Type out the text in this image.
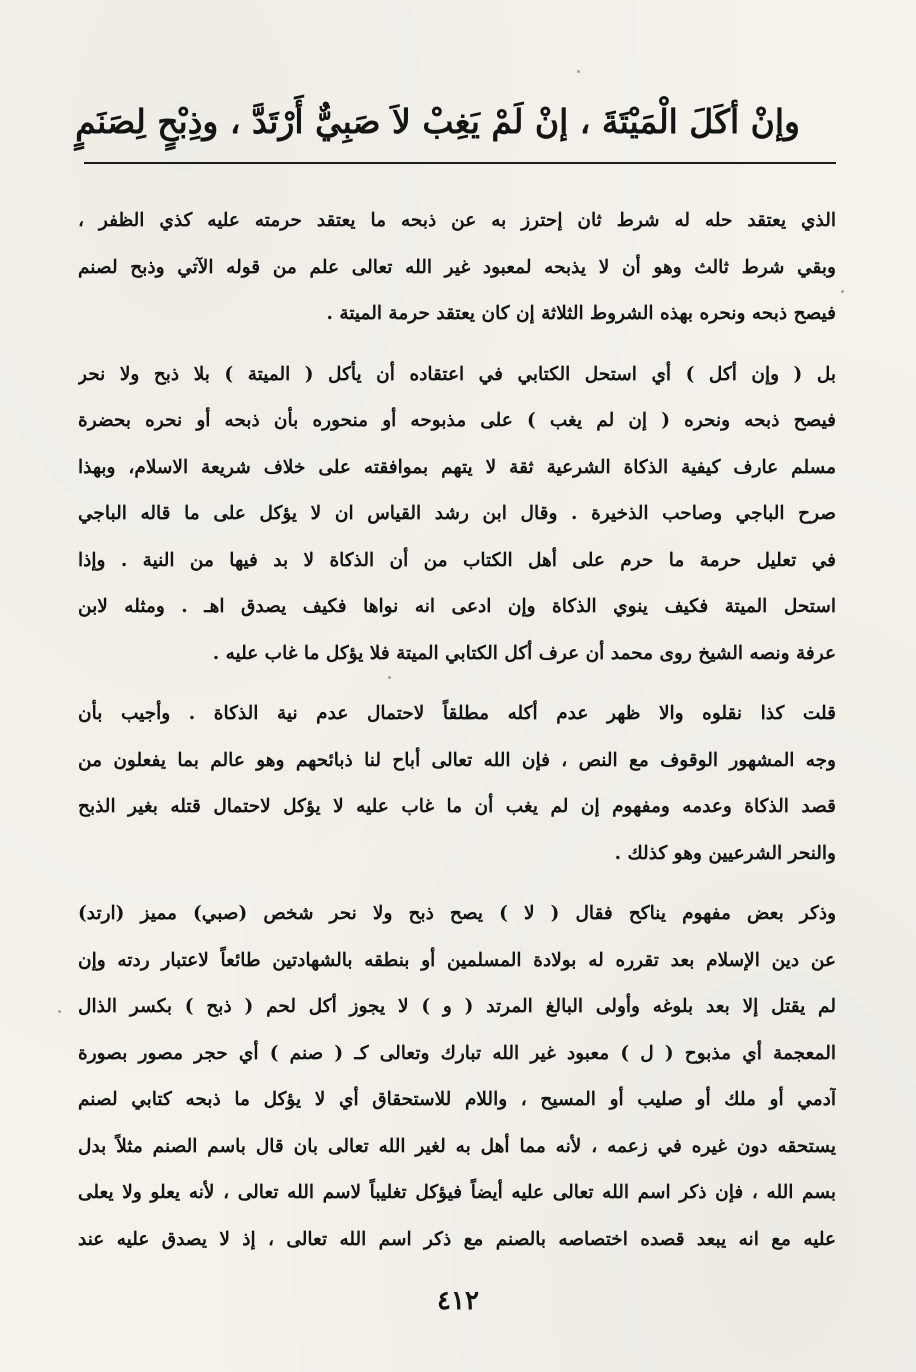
وإنْ أكَلَ الْمَيْتَةَ ، إنْ لَمْ يَغِبْ لاَ صَبِيٌّ أَرْتَدَّ ، وذِبْحٍ لِصَنَمٍ
الذي يعتقد حله له شرط ثان إحترز به عن ذبحه ما يعتقد حرمته عليه كذي الظفر ،
وبقي شرط ثالث وهو أن لا يذبحه لمعبود غير الله تعالى علم من قوله الآتي وذبح لصنم
فيصح ذبحه ونحره بهذه الشروط الثلاثة إن كان يعتقد حرمة الميتة .
بل ( وإن أكل ) أي استحل الكتابي في اعتقاده أن يأكل ( الميتة ) بلا ذبح ولا نحر
فيصح ذبحه ونحره ( إن لم يغب ) على مذبوحه أو منحوره بأن ذبحه أو نحره بحضرة
مسلم عارف كيفية الذكاة الشرعية ثقة لا يتهم بموافقته على خلاف شريعة الاسلام، وبهذا
صرح الباجي وصاحب الذخيرة . وقال ابن رشد القياس ان لا يؤكل على ما قاله الباجي
في تعليل حرمة ما حرم على أهل الكتاب من أن الذكاة لا بد فيها من النية . وإذا
استحل الميتة فكيف ينوي الذكاة وإن ادعى انه نواها فكيف يصدق اهـ . ومثله لابن
عرفة ونصه الشيخ روى محمد أن عرف أكل الكتابي الميتة فلا يؤكل ما غاب عليه .
قلت كذا نقلوه والا ظهر عدم أكله مطلقاً لاحتمال عدم نية الذكاة . وأجيب بأن
وجه المشهور الوقوف مع النص ، فإن الله تعالى أباح لنا ذبائحهم وهو عالم بما يفعلون من
قصد الذكاة وعدمه ومفهوم إن لم يغب أن ما غاب عليه لا يؤكل لاحتمال قتله بغير الذبح
والنحر الشرعيين وهو كذلك .
وذكر بعض مفهوم يناكح فقال ( لا ) يصح ذبح ولا نحر شخص (صبي) مميز (ارتد)
عن دين الإسلام بعد تقرره له بولادة المسلمين أو بنطقه بالشهادتين طائعاً لاعتبار ردته وإن
لم يقتل إلا بعد بلوغه وأولى البالغ المرتد ( و ) لا يجوز أكل لحم ( ذبح ) بكسر الذال
المعجمة أي مذبوح ( ل ) معبود غير الله تبارك وتعالى كـ ( صنم ) أي حجر مصور بصورة
آدمي أو ملك أو صليب أو المسيح ، واللام للاستحقاق أي لا يؤكل ما ذبحه كتابي لصنم
يستحقه دون غيره في زعمه ، لأنه مما أهل به لغير الله تعالى بان قال باسم الصنم مثلاً بدل
بسم الله ، فإن ذكر اسم الله تعالى عليه أيضاً فيؤكل تغليباً لاسم الله تعالى ، لأنه يعلو ولا يعلى
عليه مع انه يبعد قصده اختصاصه بالصنم مع ذكر اسم الله تعالى ، إذ لا يصدق عليه عند
٤١٢
